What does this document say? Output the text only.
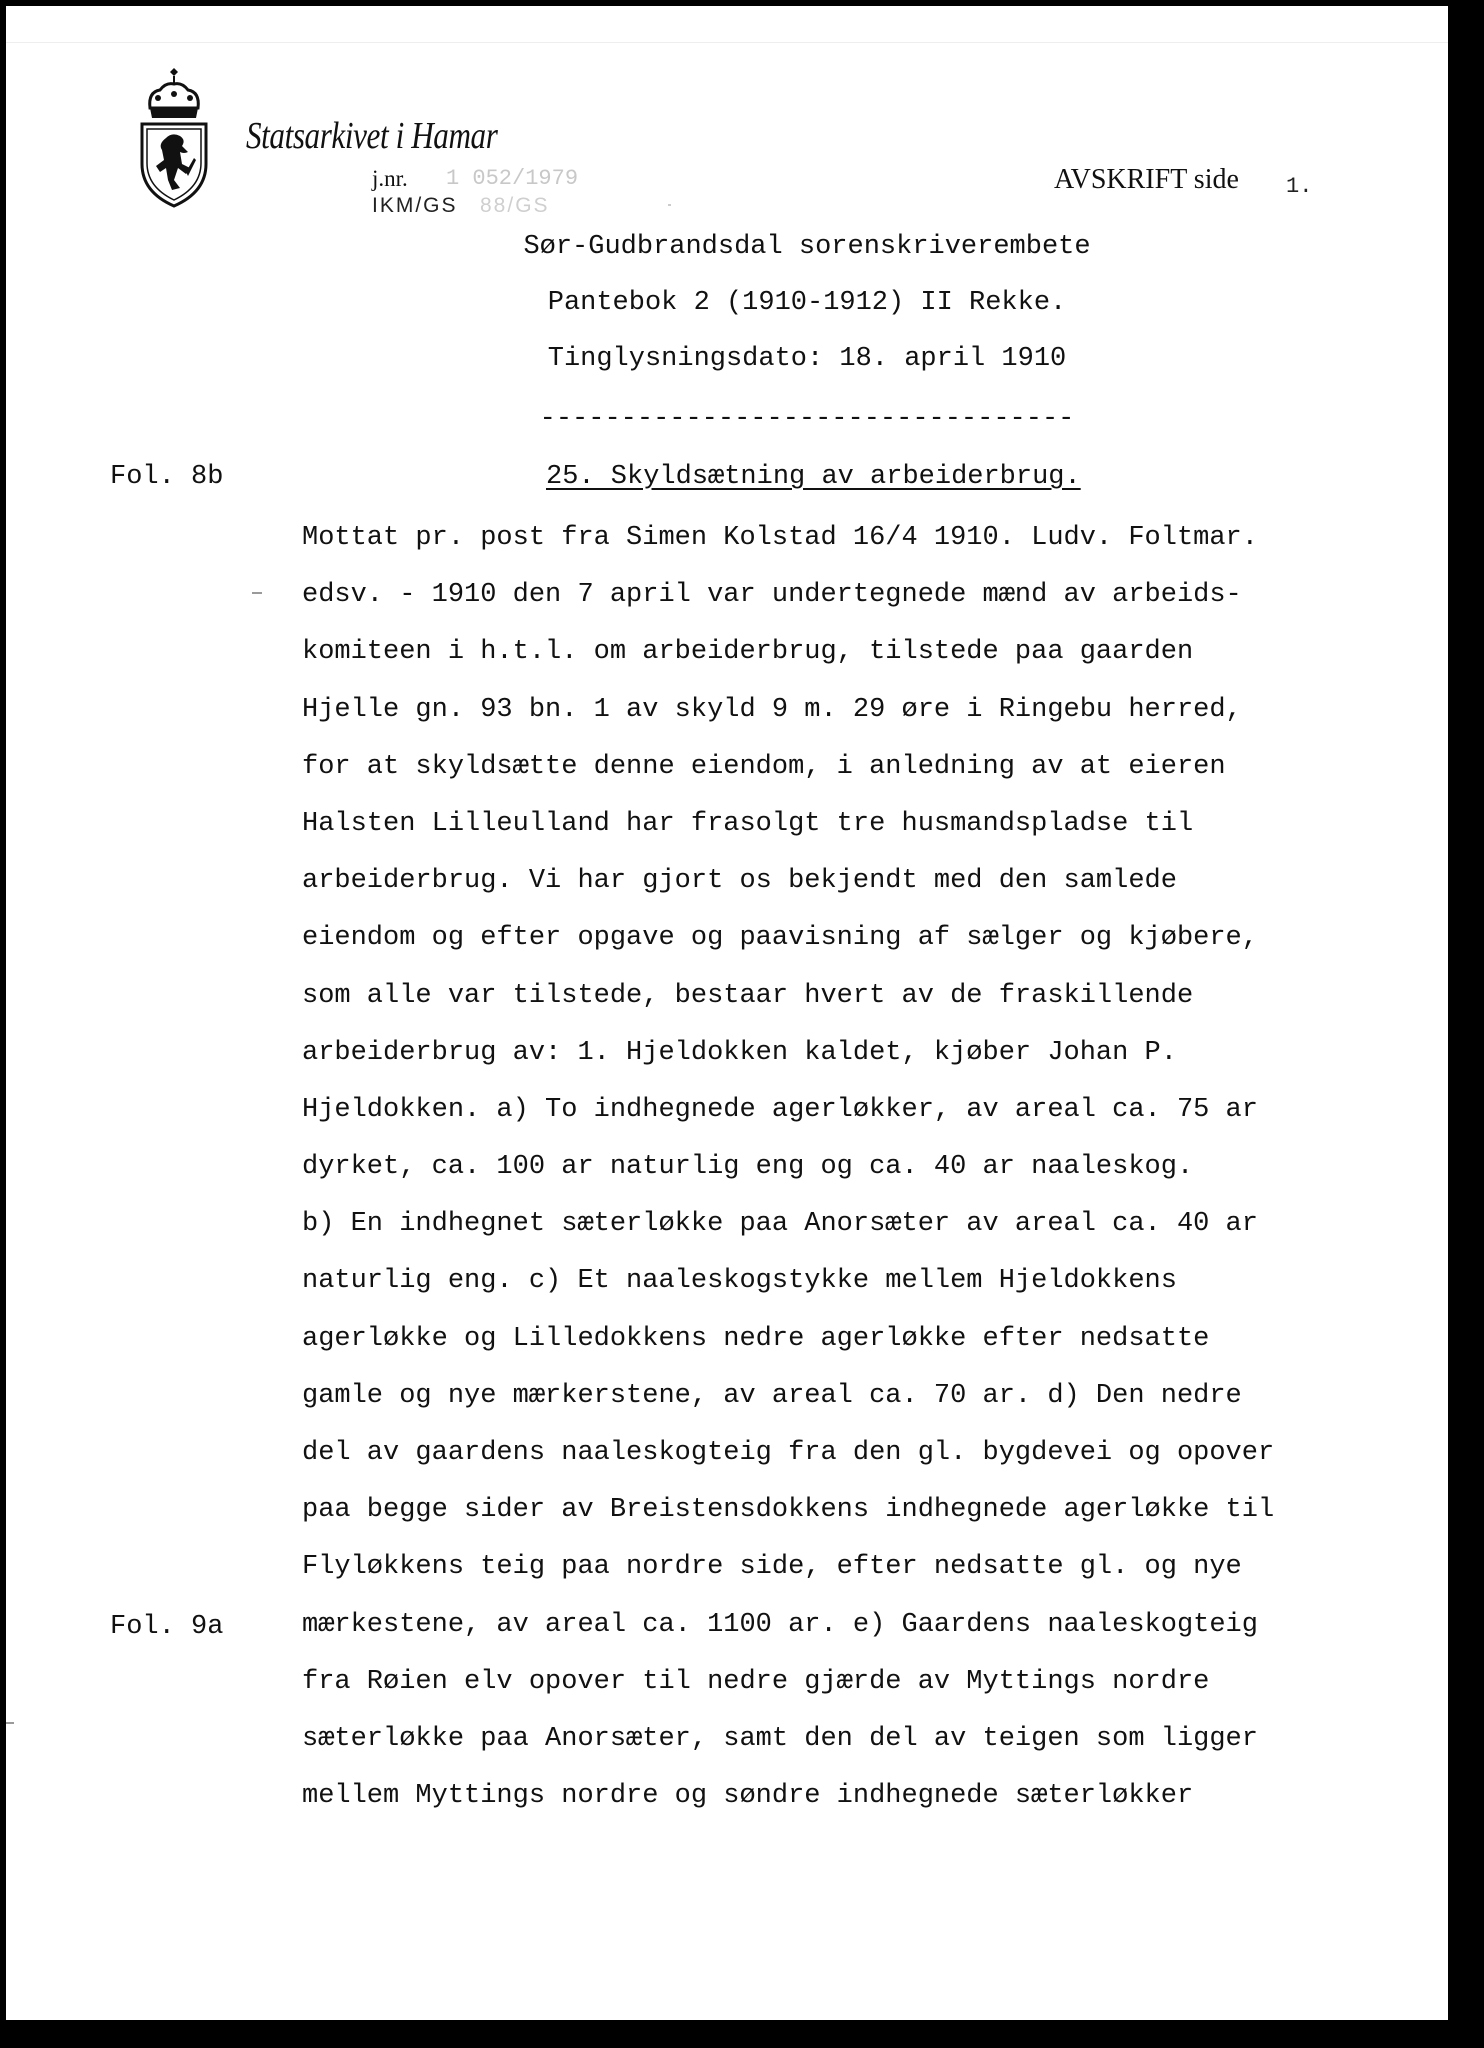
Statsarkivet i Hamar
j.nr. 1 052/1979
IKM/GS 88/GS
AVSKRIFT side 1.
Sør-Gudbrandsdal sorenskriverembete
Pantebok 2 (1910-1912) II Rekke.
Tinglysningsdato: 18. april 1910
---------------------------------
Fol. 8b	25. Skyldsætning av arbeiderbrug.
Mottat pr. post fra Simen Kolstad 16/4 1910. Ludv. Foltmar.
edsv. - 1910 den 7 april var undertegnede mænd av arbeids-
komiteen i h.t.l. om arbeiderbrug, tilstede paa gaarden
Hjelle gn. 93 bn. 1 av skyld 9 m. 29 øre i Ringebu herred,
for at skyldsætte denne eiendom, i anledning av at eieren
Halsten Lilleulland har frasolgt tre husmandspladse til
arbeiderbrug. Vi har gjort os bekjendt med den samlede
eiendom og efter opgave og paavisning af sælger og kjøbere,
som alle var tilstede, bestaar hvert av de fraskillende
arbeiderbrug av: 1. Hjeldokken kaldet, kjøber Johan P.
Hjeldokken. a) To indhegnede agerløkker, av areal ca. 75 ar
dyrket, ca. 100 ar naturlig eng og ca. 40 ar naaleskog.
b) En indhegnet sæterløkke paa Anorsæter av areal ca. 40 ar
naturlig eng. c) Et naaleskogstykke mellem Hjeldokkens
agerløkke og Lilledokkens nedre agerløkke efter nedsatte
gamle og nye mærkerstene, av areal ca. 70 ar. d) Den nedre
del av gaardens naaleskogteig fra den gl. bygdevei og opover
paa begge sider av Breistensdokkens indhegnede agerløkke til
Flyløkkens teig paa nordre side, efter nedsatte gl. og nye
mærkestene, av areal ca. 1100 ar. e) Gaardens naaleskogteig
fra Røien elv opover til nedre gjærde av Myttings nordre
sæterløkke paa Anorsæter, samt den del av teigen som ligger
mellem Myttings nordre og søndre indhegnede sæterløkker
Fol. 9a
